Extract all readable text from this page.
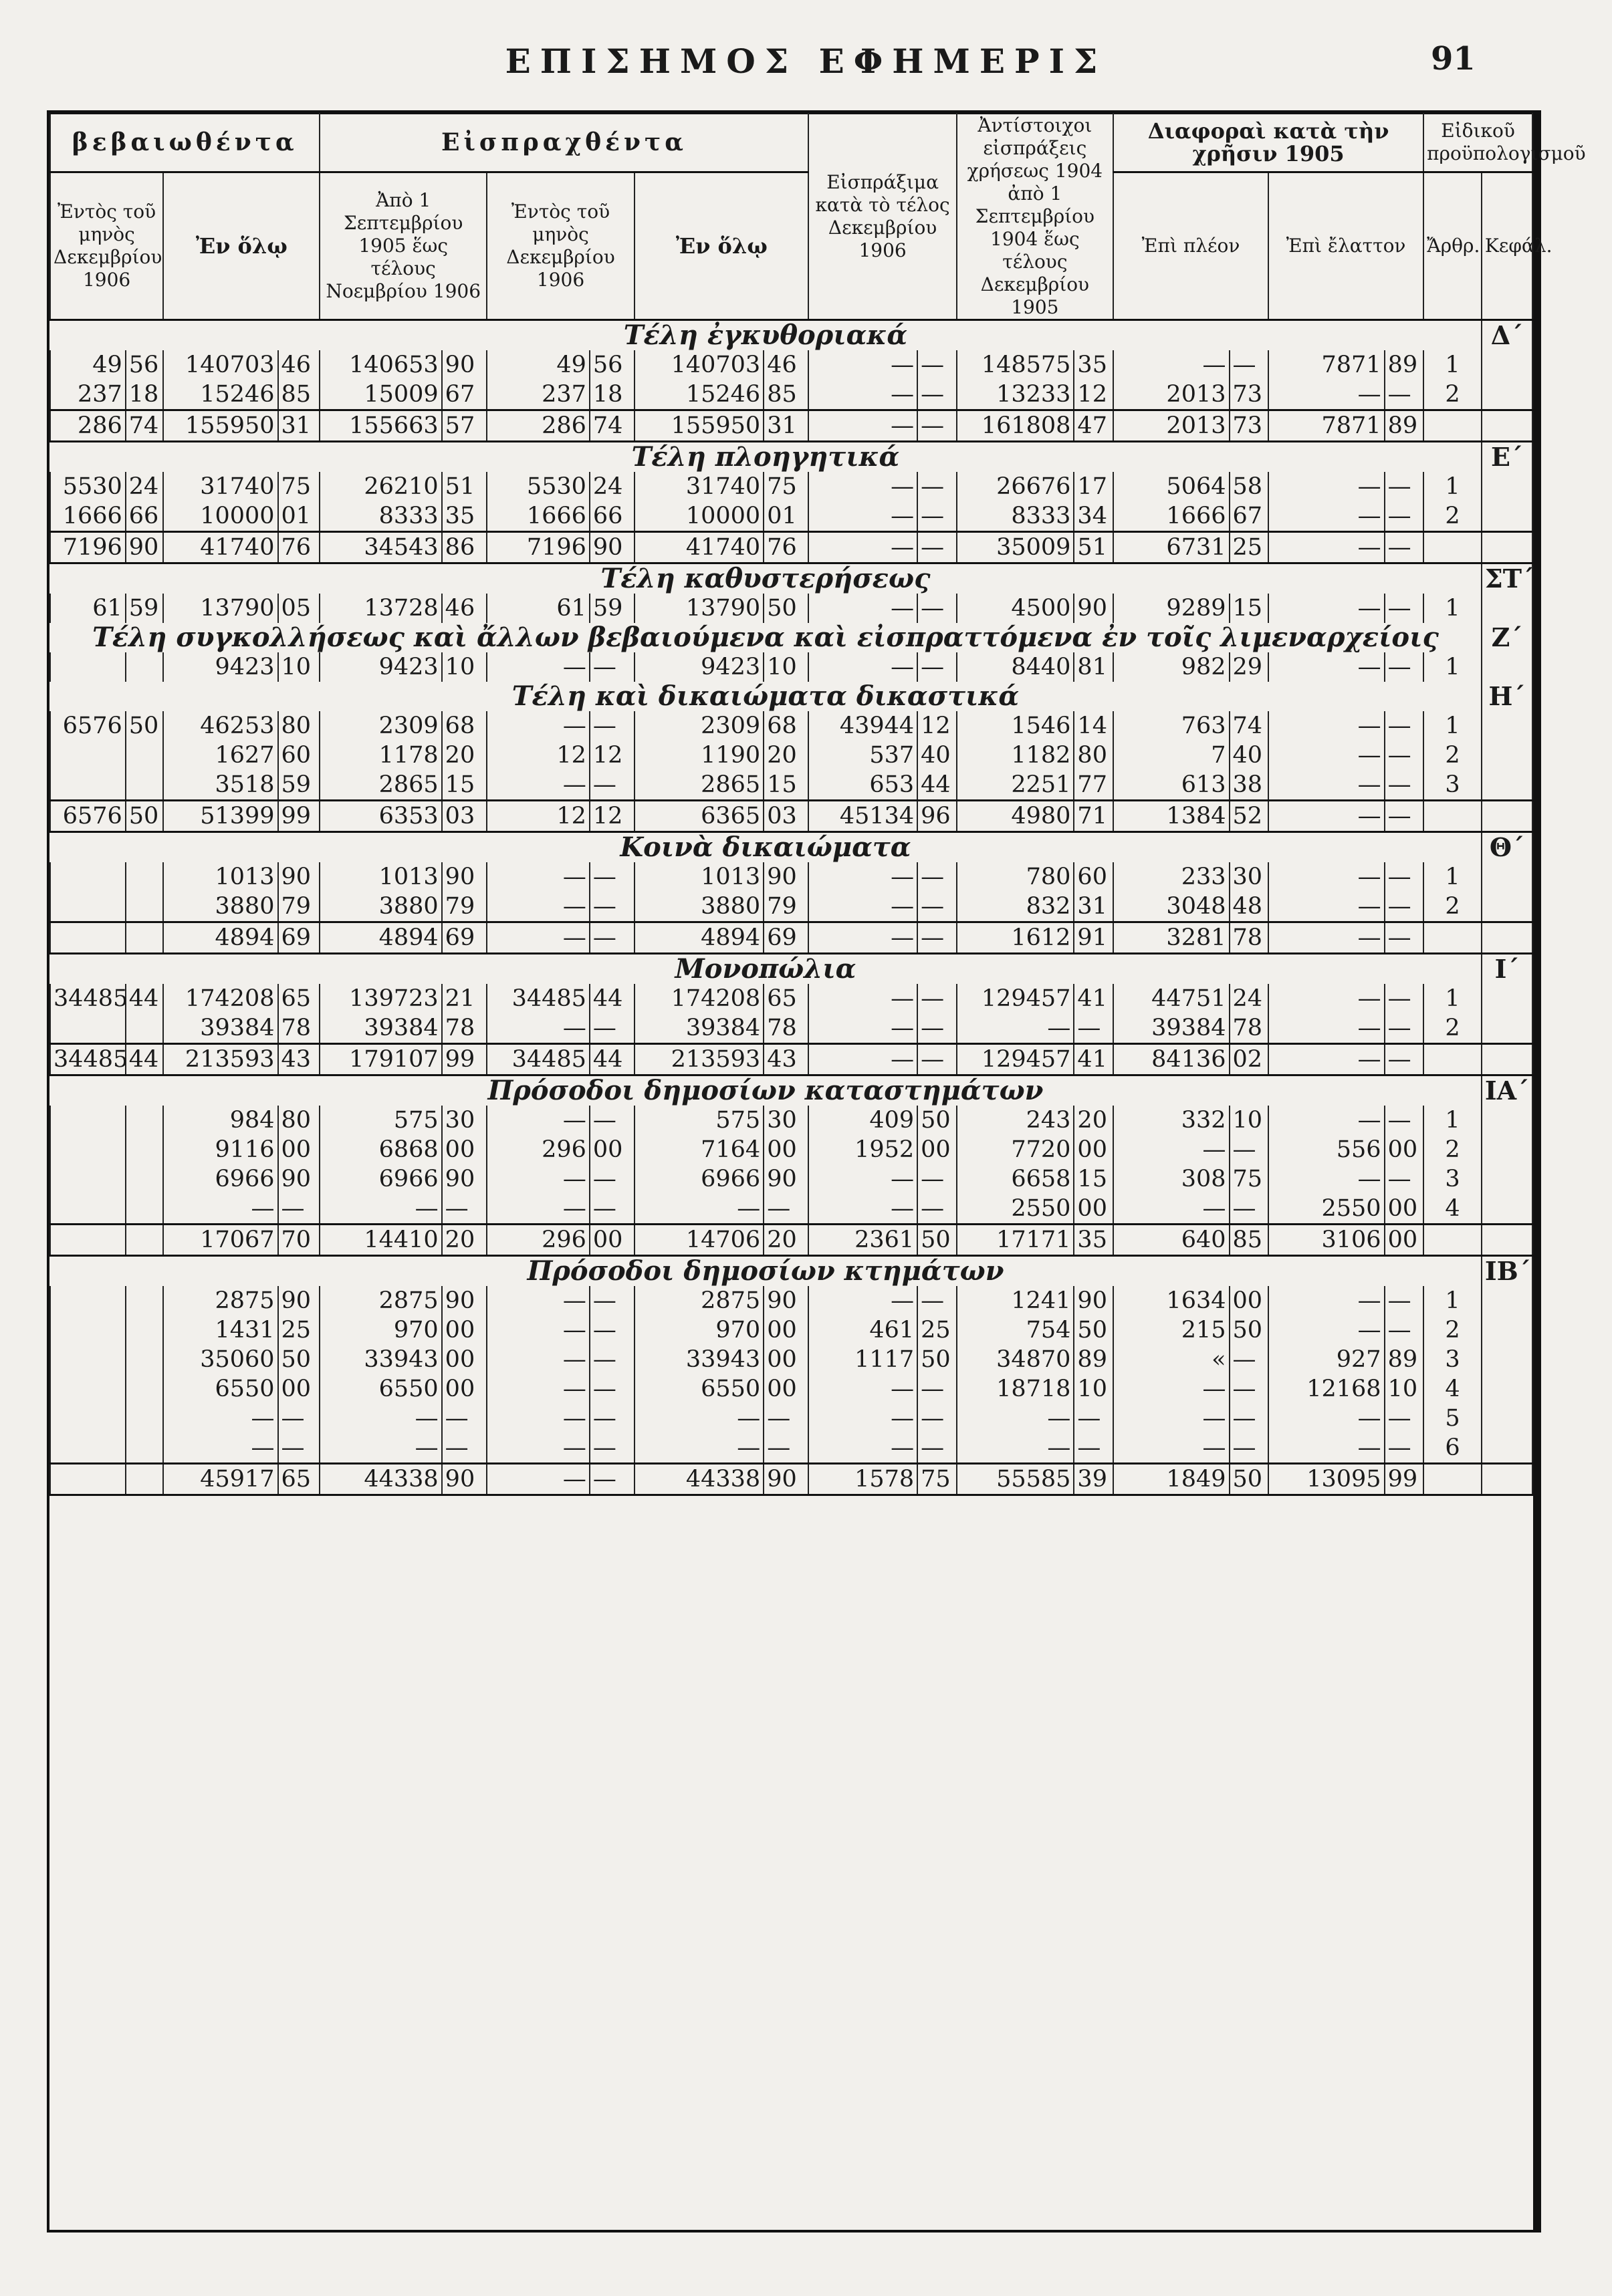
ΕΠΙΣΗΜΟΣ ΕΦΗΜΕΡΙΣ	91
βεβαιωθέντα				Εἰσπραχθέντα						Εἰσπράξιμα κατὰ τὸ τέλος Δεκεμβρίου 1906		Ἀντίστοιχοι εἰσπράξεις χρήσεως 1904 ἀπὸ 1 Σεπτεμβρίου 1904 ἕως τέλους Δεκεμβρίου 1905		Διαφοραὶ κατὰ τὴν χρῆσιν 1905				Εἰδικοῦ προϋπολογισμοῦ	
Ἐντὸς τοῦ μηνὸς Δεκεμβρίου 1906		Ἐν ὅλῳ		Ἀπὸ 1 Σεπτεμβρίου 1905 ἕως τέλους Νοεμβρίου 1906		Ἐντὸς τοῦ μηνὸς Δεκεμβρίου 1906		Ἐν ὅλῳ						Ἐπὶ πλέον		Ἐπὶ ἔλαττον		Ἄρθρ.	Κεφάλ.
Τέλη ἐγκυθοριακά																			Δ΄
49	56	140703	46	140653	90	49	56	140703	46	—	—	148575	35	—	—	7871	89	1	
237	18	15246	85	15009	67	237	18	15246	85	—	—	13233	12	2013	73	—	—	2	
286	74	155950	31	155663	57	286	74	155950	31	—	—	161808	47	2013	73	7871	89		
Τέλη πλοηγητικά																			Ε΄
5530	24	31740	75	26210	51	5530	24	31740	75	—	—	26676	17	5064	58	—	—	1	
1666	66	10000	01	8333	35	1666	66	10000	01	—	—	8333	34	1666	67	—	—	2	
7196	90	41740	76	34543	86	7196	90	41740	76	—	—	35009	51	6731	25	—	—		
Τέλη καθυστερήσεως																			ΣΤ΄
61	59	13790	05	13728	46	61	59	13790	50	—	—	4500	90	9289	15	—	—	1	
Τέλη συγκολλήσεως καὶ ἄλλων βεβαιούμενα καὶ εἰσπραττόμενα ἐν τοῖς λιμεναρχείοις																			Ζ΄
		9423	10	9423	10	—	—	9423	10	—	—	8440	81	982	29	—	—	1	
Τέλη καὶ δικαιώματα δικαστικά																			Η΄
6576	50	46253	80	2309	68	—	—	2309	68	43944	12	1546	14	763	74	—	—	1	
		1627	60	1178	20	12	12	1190	20	537	40	1182	80	7	40	—	—	2	
		3518	59	2865	15	—	—	2865	15	653	44	2251	77	613	38	—	—	3	
6576	50	51399	99	6353	03	12	12	6365	03	45134	96	4980	71	1384	52	—	—		
Κοινὰ δικαιώματα																			Θ΄
		1013	90	1013	90	—	—	1013	90	—	—	780	60	233	30	—	—	1	
		3880	79	3880	79	—	—	3880	79	—	—	832	31	3048	48	—	—	2	
		4894	69	4894	69	—	—	4894	69	—	—	1612	91	3281	78	—	—		
Μονοπώλια																			Ι΄
34485	44	174208	65	139723	21	34485	44	174208	65	—	—	129457	41	44751	24	—	—	1	
		39384	78	39384	78	—	—	39384	78	—	—	—	—	39384	78	—	—	2	
34485	44	213593	43	179107	99	34485	44	213593	43	—	—	129457	41	84136	02	—	—		
Πρόσοδοι δημοσίων καταστημάτων																			ΙΑ΄
		984	80	575	30	—	—	575	30	409	50	243	20	332	10	—	—	1	
		9116	00	6868	00	296	00	7164	00	1952	00	7720	00	—	—	556	00	2	
		6966	90	6966	90	—	—	6966	90	—	—	6658	15	308	75	—	—	3	
		—	—	—	—	—	—	—	—	—	—	2550	00	—	—	2550	00	4	
		17067	70	14410	20	296	00	14706	20	2361	50	17171	35	640	85	3106	00		
Πρόσοδοι δημοσίων κτημάτων																			ΙΒ΄
		2875	90	2875	90	—	—	2875	90	—	—	1241	90	1634	00	—	—	1	
		1431	25	970	00	—	—	970	00	461	25	754	50	215	50	—	—	2	
		35060	50	33943	00	—	—	33943	00	1117	50	34870	89	«	—	927	89	3	
		6550	00	6550	00	—	—	6550	00	—	—	18718	10	—	—	12168	10	4	
		—	—	—	—	—	—	—	—	—	—	—	—	—	—	—	—	5	
		—	—	—	—	—	—	—	—	—	—	—	—	—	—	—	—	6	
		45917	65	44338	90	—	—	44338	90	1578	75	55585	39	1849	50	13095	99		
